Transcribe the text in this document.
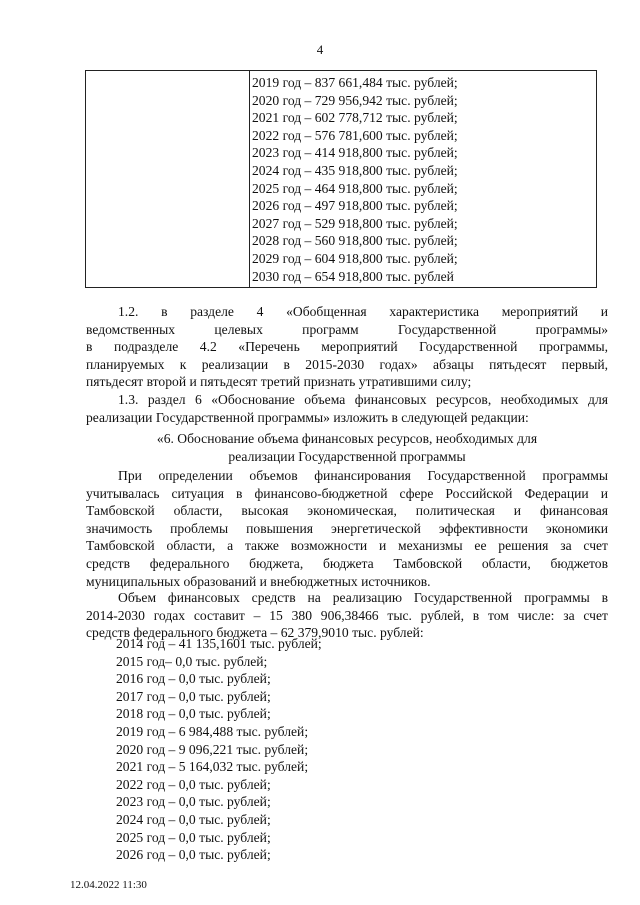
4
2019 год – 837 661,484 тыс. рублей;
2020 год – 729 956,942 тыс. рублей;
2021 год – 602 778,712 тыс. рублей;
2022 год – 576 781,600 тыс. рублей;
2023 год – 414 918,800 тыс. рублей;
2024 год – 435 918,800 тыс. рублей;
2025 год – 464 918,800 тыс. рублей;
2026 год – 497 918,800 тыс. рублей;
2027 год – 529 918,800 тыс. рублей;
2028 год – 560 918,800 тыс. рублей;
2029 год – 604 918,800 тыс. рублей;
2030 год – 654 918,800 тыс. рублей
1.2. в разделе 4 «Обобщенная характеристика мероприятий и
ведомственных целевых программ Государственной программы»
в подразделе 4.2 «Перечень мероприятий Государственной программы,
планируемых к реализации в 2015-2030 годах» абзацы пятьдесят первый,
пятьдесят второй и пятьдесят третий признать утратившими силу;
1.3. раздел 6 «Обоснование объема финансовых ресурсов, необходимых для
реализации Государственной программы» изложить в следующей редакции:
«6. Обоснование объема финансовых ресурсов, необходимых для
реализации Государственной программы
При определении объемов финансирования Государственной программы
учитывалась ситуация в финансово-бюджетной сфере Российской Федерации и
Тамбовской области, высокая экономическая, политическая и финансовая
значимость проблемы повышения энергетической эффективности экономики
Тамбовской области, а также возможности и механизмы ее решения за счет
средств федерального бюджета, бюджета Тамбовской области, бюджетов
муниципальных образований и внебюджетных источников.
Объем финансовых средств на реализацию Государственной программы в
2014-2030 годах составит – 15 380 906,38466 тыс. рублей, в том числе: за счет
средств федерального бюджета – 62 379,9010 тыс. рублей:
2014 год – 41 135,1601 тыс. рублей;
2015 год– 0,0 тыс. рублей;
2016 год – 0,0 тыс. рублей;
2017 год – 0,0 тыс. рублей;
2018 год – 0,0 тыс. рублей;
2019 год – 6 984,488 тыс. рублей;
2020 год – 9 096,221 тыс. рублей;
2021 год – 5 164,032 тыс. рублей;
2022 год – 0,0 тыс. рублей;
2023 год – 0,0 тыс. рублей;
2024 год – 0,0 тыс. рублей;
2025 год – 0,0 тыс. рублей;
2026 год – 0,0 тыс. рублей;
12.04.2022 11:30
